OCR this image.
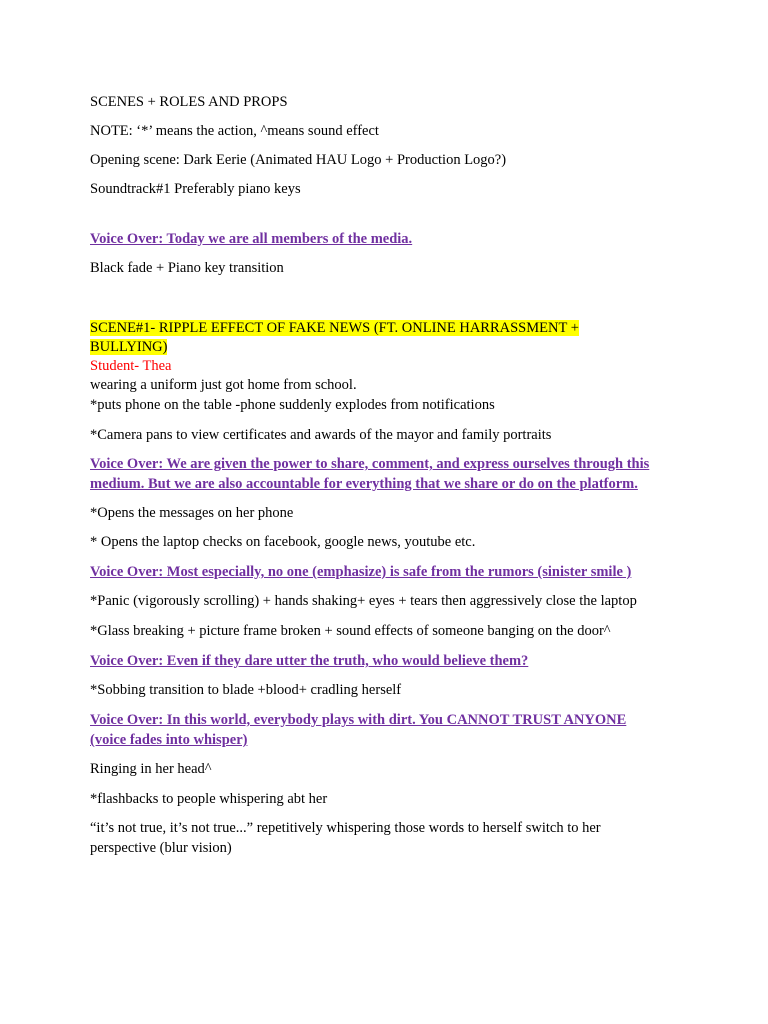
SCENES + ROLES AND PROPS

NOTE: ‘*’ means the action, ^means sound effect

Opening scene: Dark Eerie (Animated HAU Logo + Production Logo?)

Soundtrack#1 Preferably piano keys

Voice Over: Today we are all members of the media.

Black fade + Piano key transition

SCENE#1- RIPPLE EFFECT OF FAKE NEWS (FT. ONLINE HARRASSMENT +

BULLYING)

Student- Thea

wearing a uniform just got home from school.

*puts phone on the table -phone suddenly explodes from notifications

*Camera pans to view certificates and awards of the mayor and family portraits

Voice Over: We are given the power to share, comment, and express ourselves through this

medium. But we are also accountable for everything that we share or do on the platform.

*Opens the messages on her phone

* Opens the laptop checks on facebook, google news, youtube etc.

Voice Over: Most especially, no one (emphasize) is safe from the rumors (sinister smile )

*Panic (vigorously scrolling) + hands shaking+ eyes + tears then aggressively close the laptop

*Glass breaking + picture frame broken + sound effects of someone banging on the door^

Voice Over: Even if they dare utter the truth, who would believe them?

*Sobbing transition to blade +blood+ cradling herself

Voice Over: In this world, everybody plays with dirt. You CANNOT TRUST ANYONE

(voice fades into whisper)

Ringing in her head^

*flashbacks to people whispering abt her

“it’s not true, it’s not true...” repetitively whispering those words to herself switch to her

perspective (blur vision)
